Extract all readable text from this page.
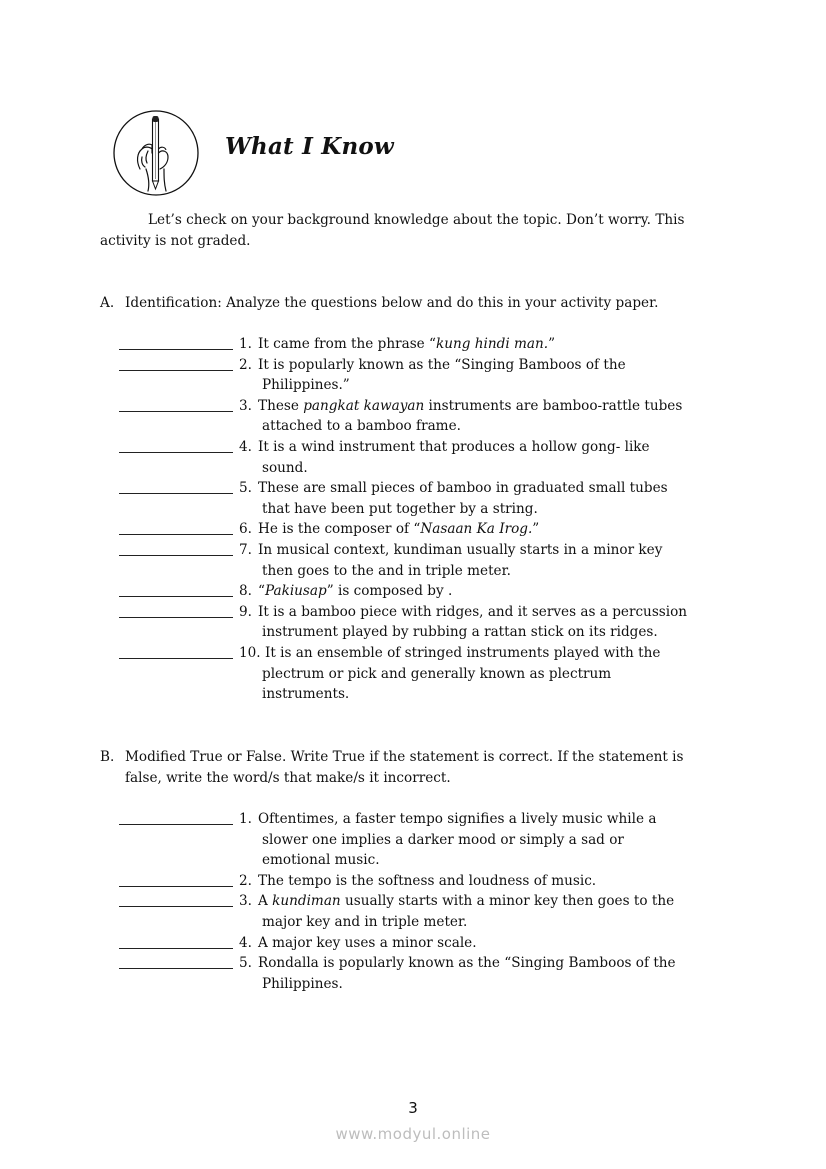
What I Know
Let’s check on your background knowledge about the topic. Don’t worry. This
activity is not graded.
A. Identification: Analyze the questions below and do this in your activity paper.
1. It came from the phrase “kung hindi man.”
2. It is popularly known as the “Singing Bamboos of the
Philippines.”
3. These pangkat kawayan instruments are bamboo-rattle tubes
attached to a bamboo frame.
4. It is a wind instrument that produces a hollow gong- like
sound.
5. These are small pieces of bamboo in graduated small tubes
that have been put together by a string.
6. He is the composer of “Nasaan Ka Irog.”
7. In musical context, kundiman usually starts in a minor key
then goes to the and in triple meter.
8. “Pakiusap” is composed by .
9. It is a bamboo piece with ridges, and it serves as a percussion
instrument played by rubbing a rattan stick on its ridges.
10. It is an ensemble of stringed instruments played with the
plectrum or pick and generally known as plectrum
instruments.
B. Modified True or False. Write True if the statement is correct. If the statement is
false, write the word/s that make/s it incorrect.
1. Oftentimes, a faster tempo signifies a lively music while a
slower one implies a darker mood or simply a sad or
emotional music.
2. The tempo is the softness and loudness of music.
3. A kundiman usually starts with a minor key then goes to the
major key and in triple meter.
4. A major key uses a minor scale.
5. Rondalla is popularly known as the “Singing Bamboos of the
Philippines.
3
www.modyul.online
